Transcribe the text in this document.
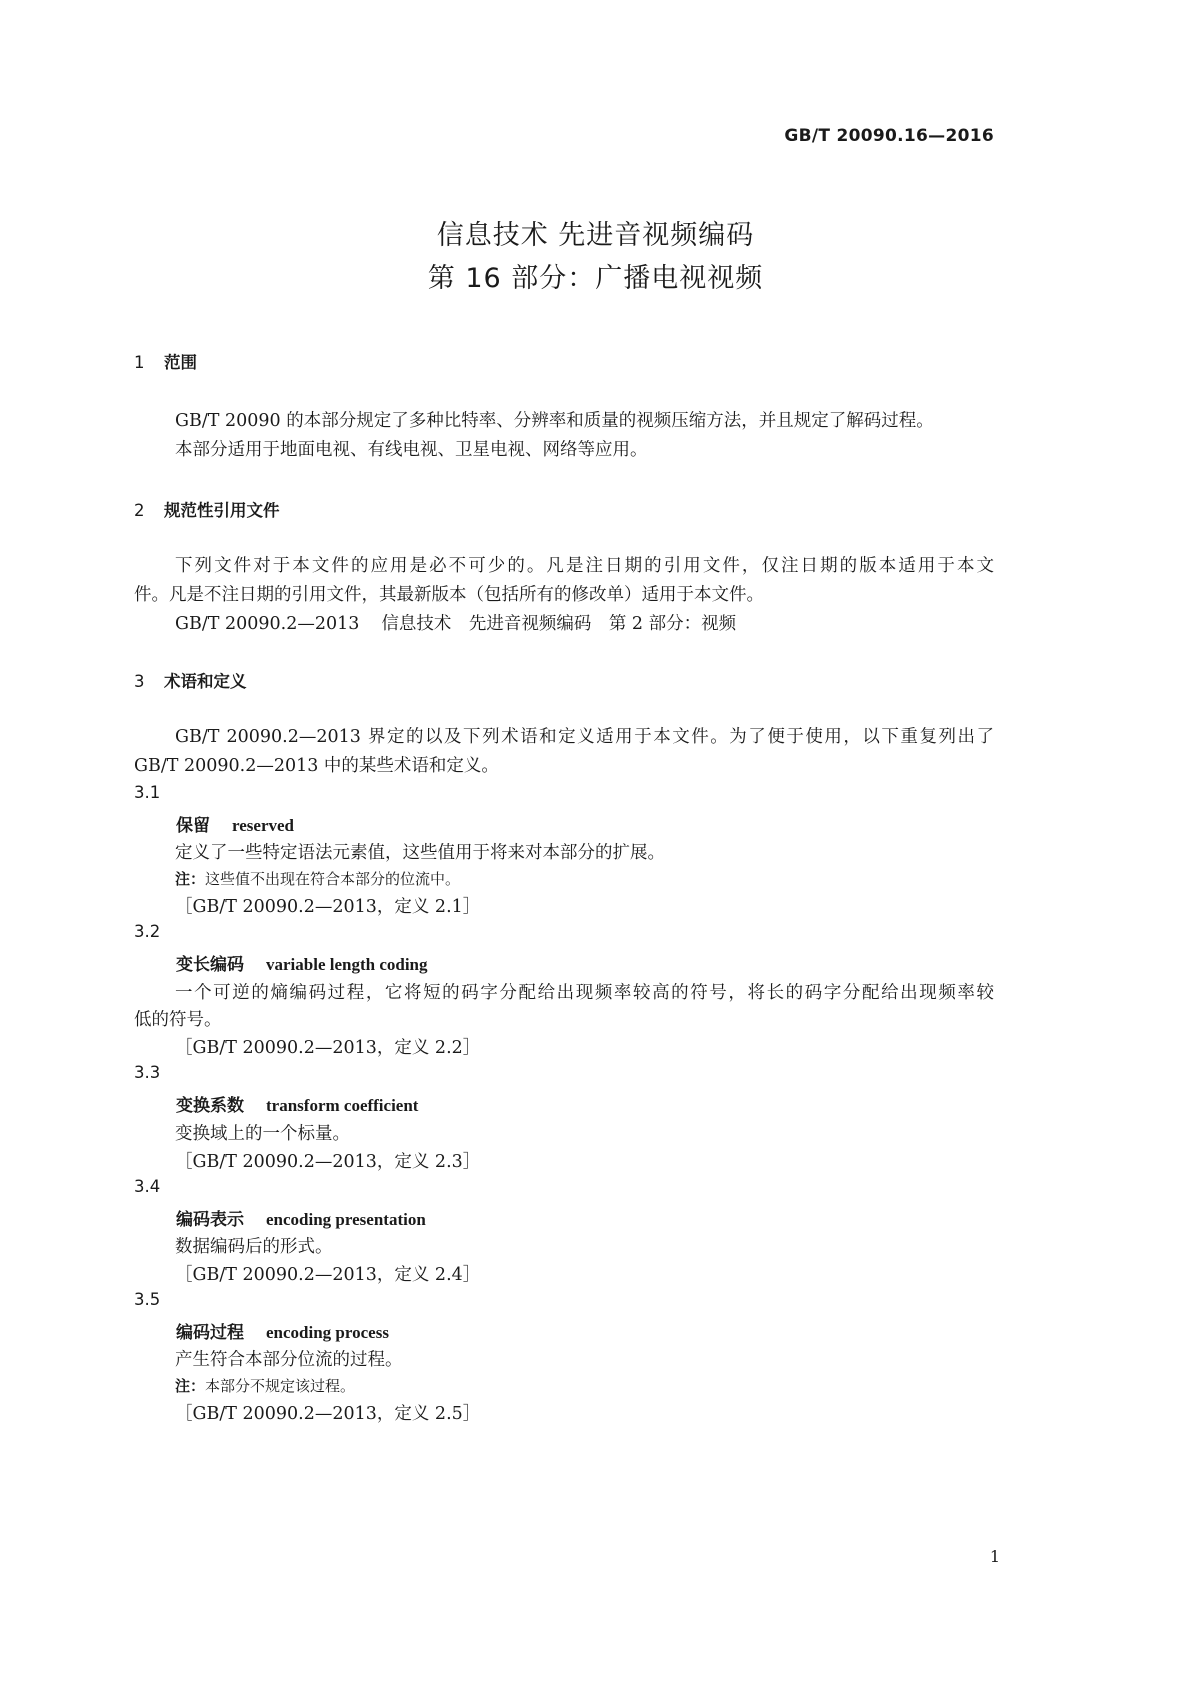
GB/T 20090.16—2016
信息技术 先进音视频编码
第 16 部分：广播电视视频
1 范围
GB/T 20090 的本部分规定了多种比特率、分辨率和质量的视频压缩方法，并且规定了解码过程。
本部分适用于地面电视、有线电视、卫星电视、网络等应用。
2 规范性引用文件
下列文件对于本文件的应用是必不可少的。凡是注日期的引用文件，仅注日期的版本适用于本文
件。凡是不注日期的引用文件，其最新版本（包括所有的修改单）适用于本文件。
GB/T 20090.2—2013 信息技术　先进音视频编码　第 2 部分：视频
3 术语和定义
GB/T 20090.2—2013 界定的以及下列术语和定义适用于本文件。为了便于使用，以下重复列出了
GB/T 20090.2—2013 中的某些术语和定义。
3.1
保留 reserved
定义了一些特定语法元素值，这些值用于将来对本部分的扩展。
注：这些值不出现在符合本部分的位流中。
［GB/T 20090.2—2013，定义 2.1］
3.2
变长编码 variable length coding
一个可逆的熵编码过程，它将短的码字分配给出现频率较高的符号，将长的码字分配给出现频率较
低的符号。
［GB/T 20090.2—2013，定义 2.2］
3.3
变换系数 transform coefficient
变换域上的一个标量。
［GB/T 20090.2—2013，定义 2.3］
3.4
编码表示 encoding presentation
数据编码后的形式。
［GB/T 20090.2—2013，定义 2.4］
3.5
编码过程 encoding process
产生符合本部分位流的过程。
注：本部分不规定该过程。
［GB/T 20090.2—2013，定义 2.5］
1
